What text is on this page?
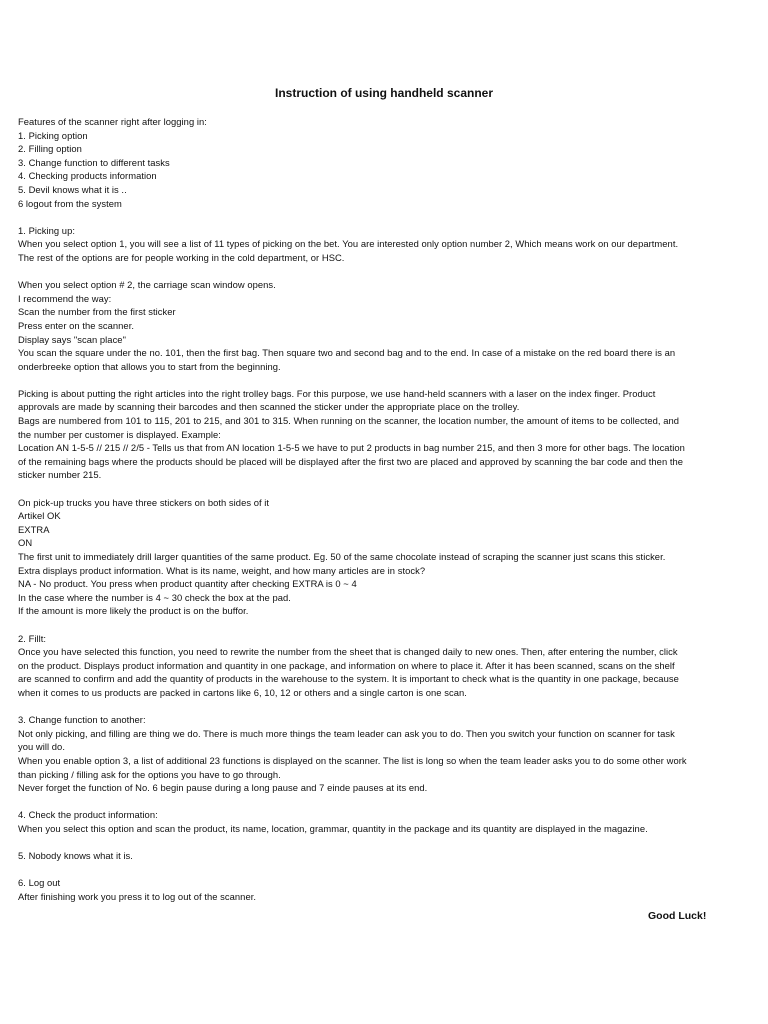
Instruction of using handheld scanner
Features of the scanner right after logging in:
1. Picking option
2. Filling option
3. Change function to different tasks
4. Checking products information
5. Devil knows what it is ..
6 logout from the system
1. Picking up:
When you select option 1, you will see a list of 11 types of picking on the bet. You are interested only option number 2, Which means work on our department.
The rest of the options are for people working in the cold department, or HSC.
When you select option # 2, the carriage scan window opens.
I recommend the way:
Scan the number from the first sticker
Press enter on the scanner.
Display says "scan place"
You scan the square under the no. 101, then the first bag. Then square two and second bag and to the end. In case of a mistake on the red board there is an
onderbreeke option that allows you to start from the beginning.
Picking is about putting the right articles into the right trolley bags. For this purpose, we use hand-held scanners with a laser on the index finger. Product
approvals are made by scanning their barcodes and then scanned the sticker under the appropriate place on the trolley.
Bags are numbered from 101 to 115, 201 to 215, and 301 to 315. When running on the scanner, the location number, the amount of items to be collected, and
the number per customer is displayed. Example:
Location AN 1-5-5 // 215 // 2/5 - Tells us that from AN location 1-5-5 we have to put 2 products in bag number 215, and then 3 more for other bags. The location
of the remaining bags where the products should be placed will be displayed after the first two are placed and approved by scanning the bar code and then the
sticker number 215.
On pick-up trucks you have three stickers on both sides of it
Artikel OK
EXTRA
ON
The first unit to immediately drill larger quantities of the same product. Eg. 50 of the same chocolate instead of scraping the scanner just scans this sticker.
Extra displays product information. What is its name, weight, and how many articles are in stock?
NA - No product. You press when product quantity after checking EXTRA is 0 ~ 4
In the case where the number is 4 ~ 30 check the box at the pad.
If the amount is more likely the product is on the buffor.
2. Fillt:
Once you have selected this function, you need to rewrite the number from the sheet that is changed daily to new ones. Then, after entering the number, click
on the product. Displays product information and quantity in one package, and information on where to place it. After it has been scanned, scans on the shelf
are scanned to confirm and add the quantity of products in the warehouse to the system. It is important to check what is the quantity in one package, because
when it comes to us products are packed in cartons like 6, 10, 12 or others and a single carton is one scan.
3. Change function to another:
Not only picking, and filling are thing we do. There is much more things the team leader can ask you to do. Then you switch your function on scanner for task
you will do.
When you enable option 3, a list of additional 23 functions is displayed on the scanner. The list is long so when the team leader asks you to do some other work
than picking / filling ask for the options you have to go through.
Never forget the function of No. 6 begin pause during a long pause and 7 einde pauses at its end.
4. Check the product information:
When you select this option and scan the product, its name, location, grammar, quantity in the package and its quantity are displayed in the magazine.
5. Nobody knows what it is.
6. Log out
After finishing work you press it to log out of the scanner.
Good Luck!
